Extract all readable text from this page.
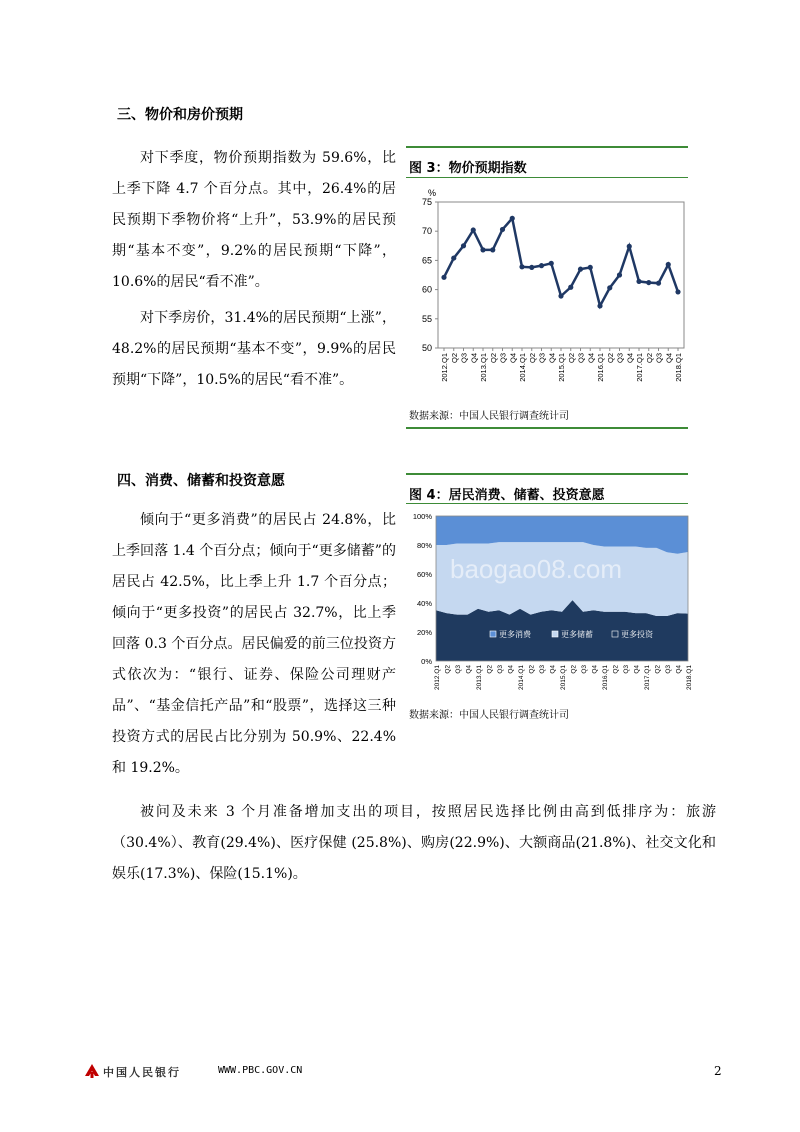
三、物价和房价预期

对下季度，物价预期指数为 59.6%，比上季下降 4.7 个百分点。其中，26.4%的居民预期下季物价将“上升”，53.9%的居民预期“基本不变”，9.2%的居民预期“下降”，10.6%的居民“看不准”。

对下季房价，31.4%的居民预期“上涨”，48.2%的居民预期“基本不变”，9.9%的居民预期“下降”，10.5%的居民“看不准”。

图 3：物价预期指数
%
50
55
60
65
70
75
2012.Q1 Q2 Q3 Q4 2013.Q1 Q2 Q3 Q4 2014.Q1 Q2 Q3 Q4 2015.Q1 Q2 Q3 Q4 2016.Q1 Q2 Q3 Q4 2017.Q1 Q2 Q3 Q4 2018.Q1
数据来源：中国人民银行调查统计司
四、消费、储蓄和投资意愿

倾向于“更多消费”的居民占 24.8%，比上季回落 1.4 个百分点；倾向于“更多储蓄”的居民占 42.5%，比上季上升 1.7 个百分点；倾向于“更多投资”的居民占 32.7%，比上季回落 0.3 个百分点。居民偏爱的前三位投资方式依次为：“银行、证券、保险公司理财产品”、“基金信托产品”和“股票”，选择这三种投资方式的居民占比分别为 50.9%、22.4%和 19.2%。

图 4：居民消费、储蓄、投资意愿
0%
20%
40%
60%
80%
100%
2012.Q1 Q2 Q3 Q4 2013.Q1 Q2 Q3 Q4 2014.Q1 Q2 Q3 Q4 2015.Q1 Q2 Q3 Q4 2016.Q1 Q2 Q3 Q4 2017.Q1 Q2 Q3 Q4 2018.Q1
更多消费	更多储蓄	更多投资
baogao08.com
数据来源：中国人民银行调查统计司

被问及未来 3 个月准备增加支出的项目，按照居民选择比例由高到低排序为：旅游（30.4%）、教育(29.4%)、医疗保健 (25.8%)、购房(22.9%)、大额商品(21.8%)、社交文化和娱乐(17.3%)、保险(15.1%)。

中国人民银行	WWW.PBC.GOV.CN	2
